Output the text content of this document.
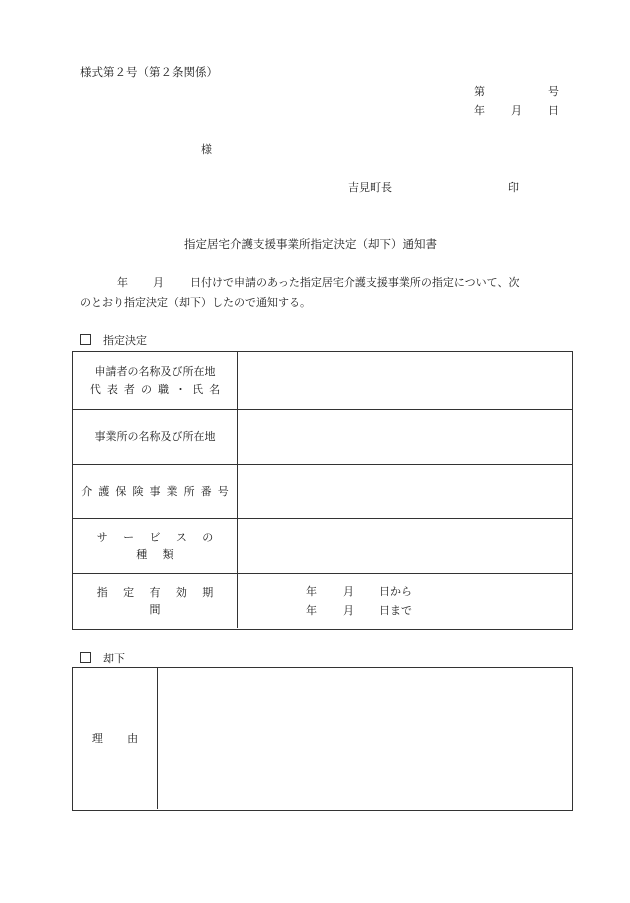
様式第２号（第２条関係）
第	号
年 月 日
様
吉見町長	印
指定居宅介護支援事業所指定決定（却下）通知書
年 月 日付けで申請のあった指定居宅介護支援事業所の指定について、次
のとおり指定決定（却下）したので通知する。
指定決定
申請者の名称及び所在地
代表者の職・氏名
事業所の名称及び所在地
介護保険事業所番号
サービスの種類
指定有効期間
年 月 日から
年 月 日まで
却下
理　由
